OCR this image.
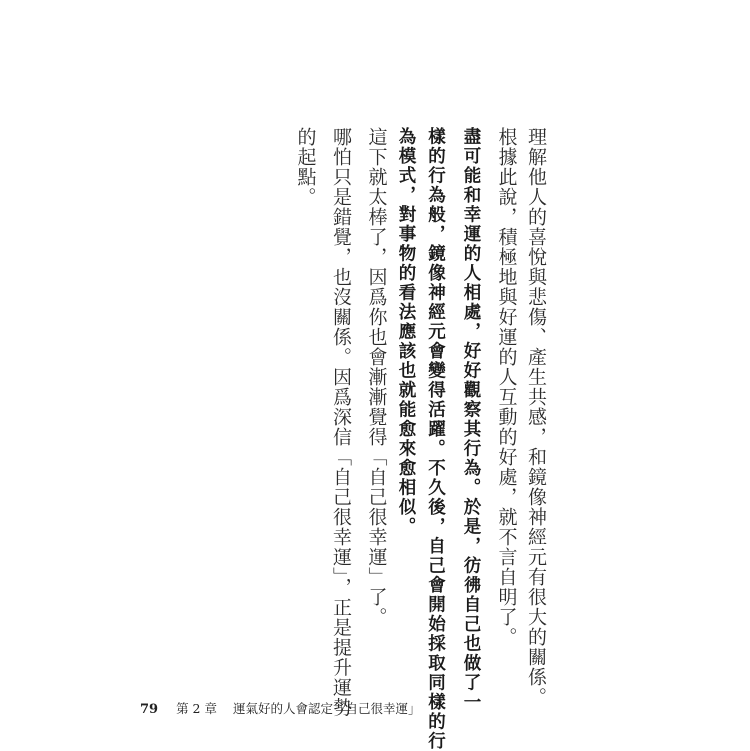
理解他人的喜悅與悲傷、產生共感，和鏡像神經元有很大的關係。

根據此說，積極地與好運的人互動的好處，就不言自明了。

盡可能和幸運的人相處，好好觀察其行為。於是，彷彿自己也做了一

樣的行為般，鏡像神經元會變得活躍。不久後，自己會開始採取同樣的行

為模式，對事物的看法應該也就能愈來愈相似。

這下就太棒了，因爲你也會漸漸覺得「自己很幸運」了。

哪怕只是錯覺，也沒關係。因爲深信「自己很幸運」，正是提升運勢

的起點。

79 第 2 章 運氣好的人會認定「自己很幸運」
